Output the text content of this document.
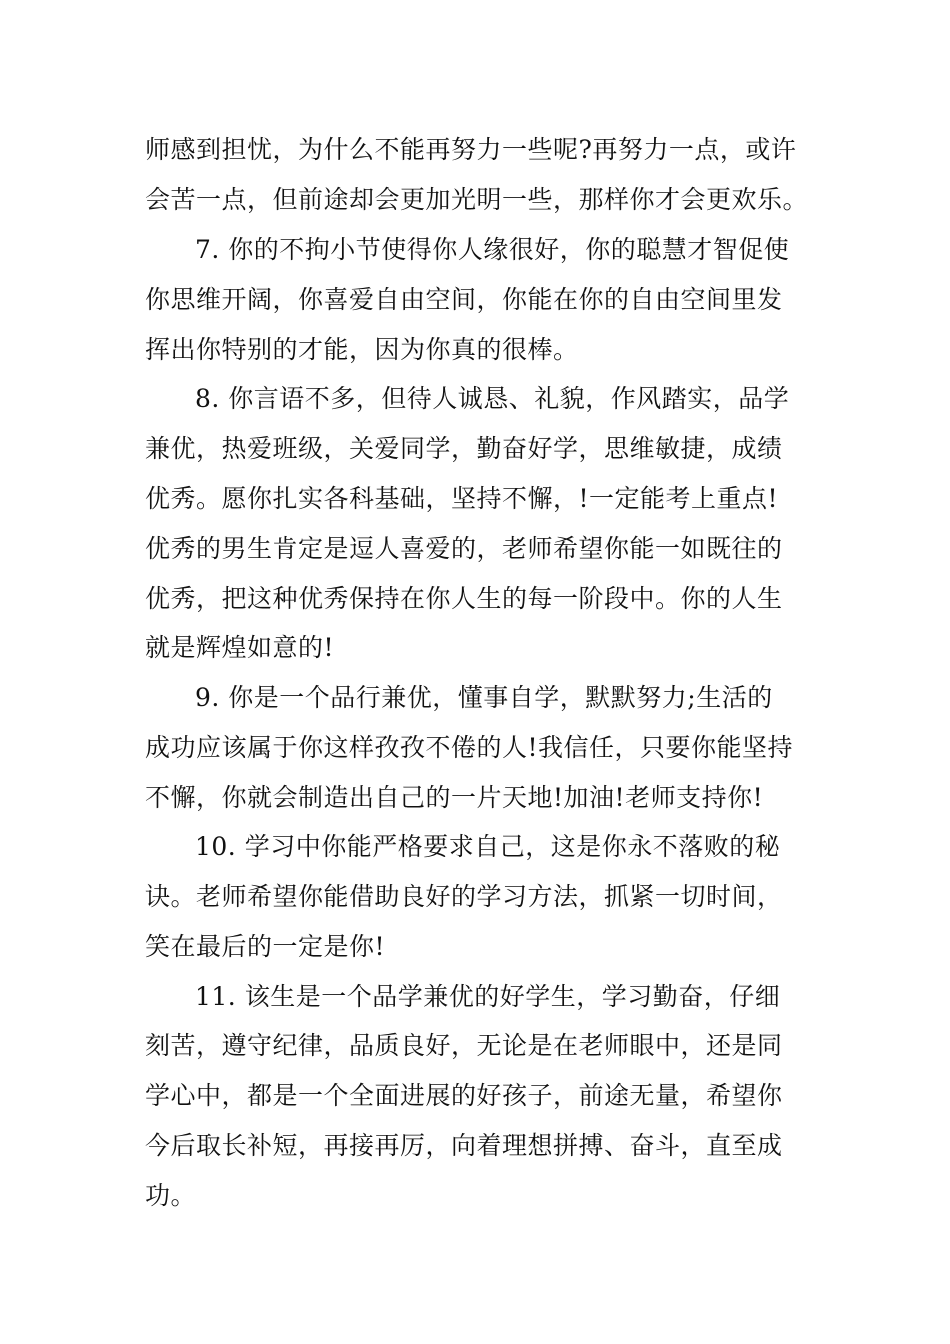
师感到担忧，为什么不能再努力一些呢?再努力一点，或许
会苦一点，但前途却会更加光明一些，那样你才会更欢乐。
7. 你的不拘小节使得你人缘很好，你的聪慧才智促使
你思维开阔，你喜爱自由空间，你能在你的自由空间里发
挥出你特别的才能，因为你真的很棒。
8. 你言语不多，但待人诚恳、礼貌，作风踏实，品学
兼优，热爱班级，关爱同学，勤奋好学，思维敏捷，成绩
优秀。愿你扎实各科基础，坚持不懈，!一定能考上重点!
优秀的男生肯定是逗人喜爱的，老师希望你能一如既往的
优秀，把这种优秀保持在你人生的每一阶段中。你的人生
就是辉煌如意的!
9. 你是一个品行兼优，懂事自学，默默努力;生活的
成功应该属于你这样孜孜不倦的人!我信任，只要你能坚持
不懈，你就会制造出自己的一片天地!加油!老师支持你!
10. 学习中你能严格要求自己，这是你永不落败的秘
诀。老师希望你能借助良好的学习方法，抓紧一切时间，
笑在最后的一定是你!
11. 该生是一个品学兼优的好学生，学习勤奋，仔细
刻苦，遵守纪律，品质良好，无论是在老师眼中，还是同
学心中，都是一个全面进展的好孩子，前途无量，希望你
今后取长补短，再接再厉，向着理想拼搏、奋斗，直至成
功。
